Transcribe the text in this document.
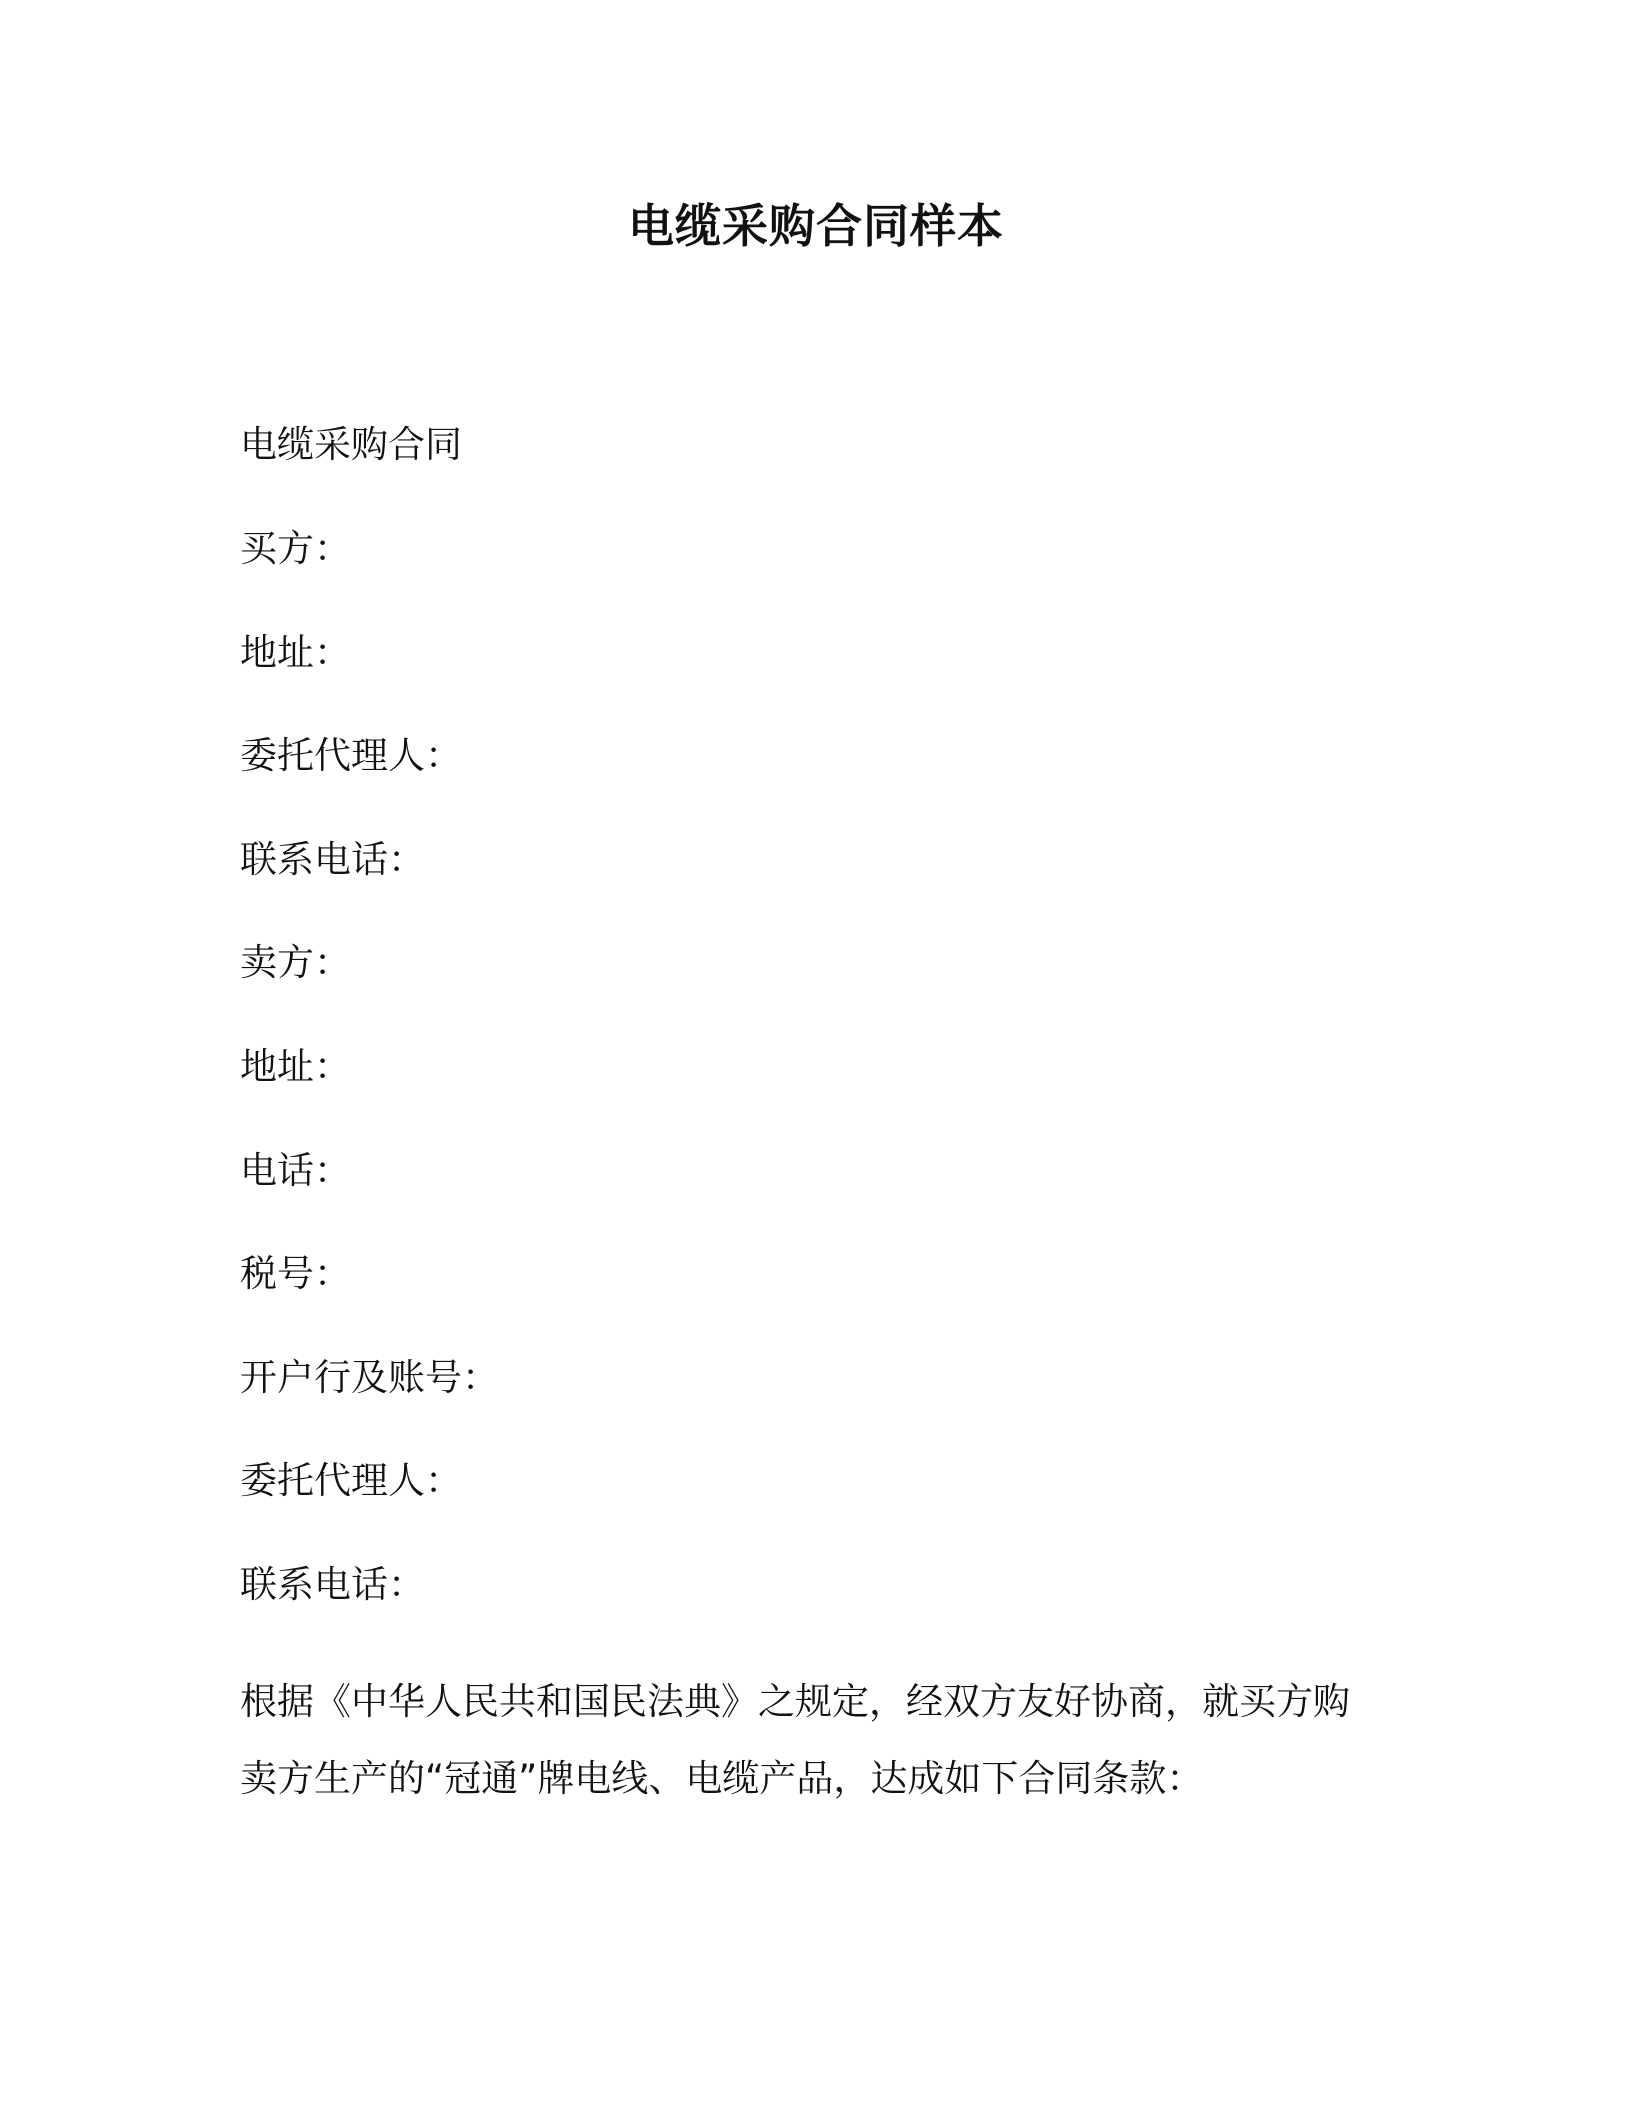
电缆采购合同样本
电缆采购合同
买方：
地址：
委托代理人：
联系电话：
卖方：
地址：
电话：
税号：
开户行及账号：
委托代理人：
联系电话：

根据《中华人民共和国民法典》之规定，经双方友好协商，就买方购
卖方生产的“冠通”牌电线、电缆产品，达成如下合同条款：
